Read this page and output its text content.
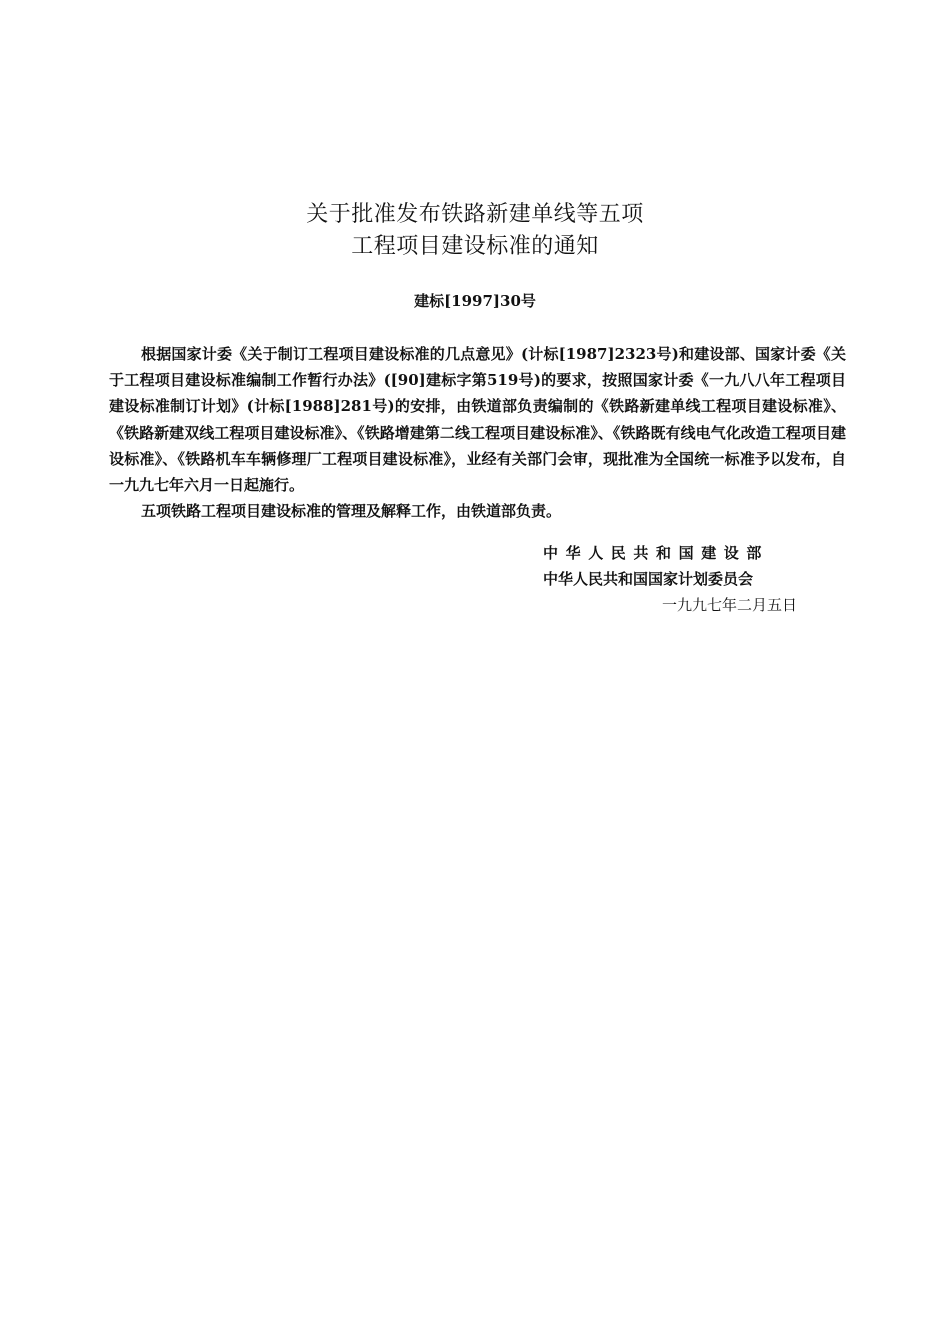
关于批准发布铁路新建单线等五项
工程项目建设标准的通知
建标[1997]30号

根据国家计委《关于制订工程项目建设标准的几点意见》(计标[1987]2323号)和建设部、国家计委《关于工程项目建设标准编制工作暂行办法》([90]建标字第519号)的要求，按照国家计委《一九八八年工程项目建设标准制订计划》(计标[1988]281号)的安排，由铁道部负责编制的《铁路新建单线工程项目建设标准》、《铁路新建双线工程项目建设标准》、《铁路增建第二线工程项目建设标准》、《铁路既有线电气化改造工程项目建设标准》、《铁路机车车辆修理厂工程项目建设标准》，业经有关部门会审，现批准为全国统一标准予以发布，自一九九七年六月一日起施行。

五项铁路工程项目建设标准的管理及解释工作，由铁道部负责。

中华人民共和国建设部
中华人民共和国国家计划委员会
一九九七年二月五日
